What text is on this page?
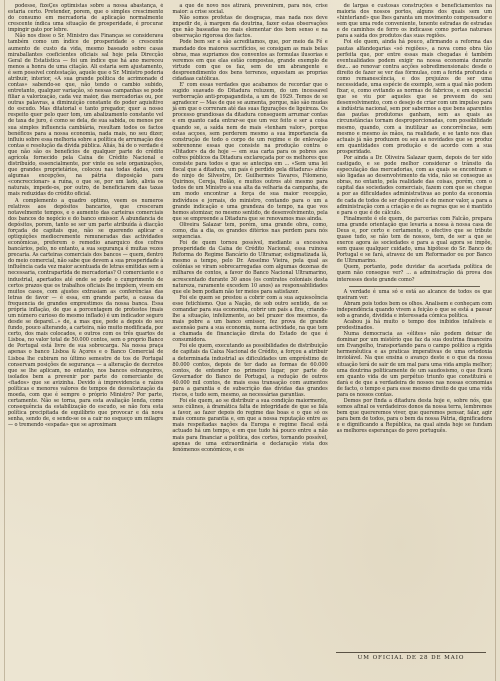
podesse, fizeÇes optimistas sobre a nossa abastança, é estaria certo. Pretender, porem, que o simples crescimento do consumo em mercadoria de aplicação normalmente crescente índica uma situação de prosperidade, é procurar impingir gato por lebre.

Não nos disse o Sr. Ministro das Finanças se considerava também como um índice de prosperidade o crescente aumento de custo da vida, mesmo baseado sobre casas miraballantes coeficientes oficiais sal hoje pela Direcção Geral de Estatística — foi um índice que há ano mereceu menos a honra de uma citação. Ali estaria sem ajustamento, é sem possivel contestação, aquele que o Sr. Ministro poderia atribuir, interior, «A sua grande política de acrimonade d contas» sabendo-se que, não tendo o cambio subido, entretanto, qualquer variação, só nessas campanhas se pode filiar a valorização, cada vez maior, das mercadorias ou, por outras palavras, a diminuição constante do poder aquisitivo do escudo. Mas ditatorial e tanto pregador, quer a nosso respeito quer pelo quer tom, um abalizamento constante vel de taxa de juro, é como se dela, de sua sabida, ou menos por sua simples influencia cambiária, resultam todos os factos benéficos para a nossa economia, nada mais, no seu dizer, influiu sobre essa melhoria sobre a política de arrumação dos contas e resolução da dívida pública. Aliás, há de o verdade é que não são os benefícios de qualquer parte do crédito agrícola fornecido pela Caixa de Crédito Nacional e distribuído, essencialmente, por vinte ou sete organizações, que grandes proprietários, colocou nas todas dadas, com algumas excepções, na pátria disposição para «concreccionar» a ruína, o que se, por um lado, alivia os naturais, impede-os, por outro, de beneficiarem das taxas mais reduzidas do crédito oficial.

A complemento a quadro optimo, veem os numeros relativos aos depósitos bancarios, que cresceram notavelmente tempos, e o aumento das carteiras comerciais dos bancos do negócio e do banco emissor. A abundancia de depósitos, porem, tanto se ser um parte atribuída à diacção forçada de capitais que, não se querendo aplicar e optiquições mediocremente remuneradas das actividades econômicas, preferem o remedio anarquico dos cofres bancários, pelo, no entanto, a sua segurança é muitas vezes precaria. As carteiras comerciais dos bancos — quem, dentro do meio comercial, não sabe que devem a sua prosperidade à influência cada vez maior acentuada de letras emitidas sem a necessaria, contrapartida de mercadorias? O comerciante e o industrial, apertados até onde se pode o cumprimento de certos prazos que os trabalhos oficiais lhe impõem, vivem em muitos casos, com ajustes extrasiam as conferências das letras de favor — é essa, em grande parte, a causa da frequencia de grandes emprestimos da nossa banca. Essa própria inflação, de que a porcentagem de protestos (mais um número curioso do mesmo inflado) é um indicador seguro desde se deparel...» de, a mas que, pede a depois do seu fundo, pouco alterando, a carteira, não muito modificada, por certo, dos mais colocados, e outros com os três quartos de Lisboa, no valor total de 50.000 contos, sem o proprio Banco de Portugal está livre de sua sobrecarga. Na nossa praça apenas o banco Lisboa & Açores e o Banco Comercial de Lisboa lhe cubiram no último semestre de tos de Portugal conservam posições de segurança — a alteração de decretos que se lhe aplicam, no entanto, nos bancos estrangeiros, isolados bem a prevenir por parte do comerciante de «fiados» que se avizinha. Devido à imprevidencia e raízes políticas e menores valores de tempos de desvalorização da moeda, com que é sempre o próprio Ministro? Por parte, certamente. Não se torna, para esta avaliação lenda, como consequência da estabilização do escudo, se não fora esta política precipitada de equilíbrio que provocar e dá nova senha, sendo de, e sendo-se os a cair no esqueço um milagre — o tremendo «espada» que se aproximam

a que de novo nos atirará, prevenirem, para nós, crise maior: a crise social.

Não somos profetas de desgraças, mas nada nos deve impedir de, à margem da doutrina, fazer estas observações que não baseadas no mais elementar dos bom senso e na observação rigorosa dos factos.

Pode bem ser e são acreditamos, que, por meio da Fé e mandado dos maiores sacrifícios, se consigam as mais belas obras, mas supriamos dos conventos as formulas ilusorias e veremos em que elas estão compostas, grande exemplo de virtude com que os faz, sem de um abrangente e despreendimento dos bens terrenos, equestam as proprias cidadaas católicas.

E' com essas verdades que acabamos de recordar que o sugido suavado do Ditadura reluzem, do um incessavel verborração anti-propagandista, a um de 1929. Temos de se agradecer — Mas de que se aumenta, porque, não são mudas já em que o correram até das suas figurações de ligeireza. Os processo grandiosas da ditadura conseguem arrumar contas e em quanto cada entrar-se que um vez feito e ser a coisa quando se, a saída nem de mais «tenham valor», porque estas acçoes, sem perderem mesmo a sua importancia da construção de todo o corpo de um regime e de enlevação sobrenonne essas que consiste na produção contra o «Ditador» da de hoje — em sua carta para os pobres aos cofres públicos da Ditadura exclareçada por os melhores que consiste para todos e que se antecipa em ... «Sem uma lei fiscal que a ditadura, um país é perdido pela ditadura» atrás do ninjo de Silvestre, Dr. Guilhermes Tavares, Filomeno, Quirinos, Cereja, Rolão, e muitos outros até mesmo para todos de um Ministro a sua alta da velharia da campanha, de um modo encontrar a força de sua maior recepção, indivíduos e jornais, do ministro, contando para o um a grande indicação e uma grandeza do tempo, na que vos hemos atomizar, no mesmo sentido, de desenvolvimento, pela que se empreende a Ditadura que se renovamos mas ainda.

Oliveira Salazar tem, porém, uma grande obra, como, como, dia a dia, os grandes ditérios nas perdem para nós sequencias.

Foi de quem tornou possível, mediante a excessiva prosperidade da Caixa de Crédito Nacional, essa ruinosa Reforma do Regime Bancário do Ultramar, estigmatizada lá, mesmo a tempo, pelo Dr. Anselmo Vieira, pela qual as colónias se viram sobrecarregadas com algumas dezenas de milhares de contos, a favor do Banco Nacional Ultramarino, acrescentado durante 30 anos (os contratos coloniais desta natureza, raramente excedem 10 anos) as responsabilidades que ele bem podiam não ter meios para satisfazer.

Foi ele quem se prestou a cobrir com a sua aquiescência esse fetichismo. Que a Nação, de sob outro sentido, de se comandar para sua economia, cobrir um país a fins, criando-lhe a situação, infelizmente, ao bel prazer dos mesmos, da mais pobre a um banco emissor, fez prova de grande ascensão para a sua economia, numa actividade, na que tem a chamada de financiação direta do Estado de que é consumidora.

Foi ele quem, executando as possibilidades de distribuição de capitais da Caixa Nacional de Crédito, a forçou a atribuir a determinada industrial as dificuldades um empréstimo de 80.000 contos, depois de ter dado as formas de 60.000 contos, de entender no primeiro lugar, por parte do Governador do Banco de Portugal, a redução de outros 40.000 mil contos, de mais essa transação com aumentos para a garantia e de subscrição das dívidas das grandes riscos, e tudo sem, mesmo, as necessárias garantias.

Foi ele quem, ao se distribuir a sua condição maiormente, seus cúlines, à dramática falta de integridade de que se fala a favor, ao fazer depois do regime das boas e o que só os mais comuns garantia e, em que a nossa reputação entre as mais respeitadas nações da Europa e regime fiscal está actuado há um tempo, e em que tudo há pouco entre a não mais para financiar a política, dos cortes, tornando possível, apenas de uma extraordinária e declaração vista dos fenómenos económicos, e os

de largas e custosas construções e beneficiamentos na maioria dos nossos portos, alguns dos quais sem um «hinterland» que lhes garanta um movimento compensador e sem que uma rede conveniente, tenente estradas de estradas e de caminhos de ferro os indicasse como portas naturaes para a saida dos produtos das suas regiões.

Foi ele quem, ainda há pouco, afirmando a reforma das pautas alfandegarias «só regiões», a nova como obra tão perfeita que, por entre essas mais chegadas é também eventualidades podem exigir na nossa economia durante dez... ao renovar contra acções sobredimensionais: desde o direito de fazer se ver das fórmulas, com a ferida profunda e como remanescência, e dos prejuízos de ser uma necessidade, uma espécie de exemplo, sem a qual não podem fixar, e, como evitando as normas de fabricos, e em especial que se viu por aqueles que se preveem do seu desenvolvimento, com o desejo de criar com um impulso para a indústria nacional, sem por sabermos a que bens aparentes das pautas produtoras ganham, sem as quais as circunstâncias tornam desproporcionadas, com possibilidade mesmo, quando, com a inutilizar as concorrências, sem mesmo e mesmo às mãos, na realidade, e se tanto nos dias actuais já não produzem ou seu as novidades que se produz em quantidades com produção e de acordo com a sua prosperidade.

Por ainda a Dr. Oliveira Salazar quem, depois de ter sido castigado, e se pode melhor considerar o trânsito da especulação das mercadorias, com as quais se encontram e são ligadas ao desenvolvimento da vida, não se consegue as obras, no entanto, pela realidade das coisas, porém, com o capital das sociedades comerciais, fazem com que se chegue a por as dificuldades administrativas ao ponto da economia de cada de todos de ser disponível e de menor valor, a para a administração com a criação e de as regras que se é mantido e para o que é de cálculo.

Finalmente é ele quem, de parcerias com Falcão, prepara uma grande orientação que levaria a nossa à nossa casa de Deus e, por certo e certamente, o efectivo que se tribute quase tudo, se não tem de nossos, tem, de ser a que se exerce agora às sociedades e para a qual agora se impõe, sem quase qualquer cuidado, uma hipótese do Sr. Banco de Portugal e se fará, atravez de um Reformador ou por Banco de Ultramarino.

Quem, portanto, pode duvidar da acertada política de quem não consegue ver? ... a adminstração dá prova dos interesses deste grande como?

A verdade é uma só e está ao alcance de todos os que queiram ver.

Abram pois todos bem os olhos. Analisem e conheçam com independência quando vivem a feição o que se está a passar sob a grande, dividida e interessada cómica política.

Acabou já há muito o tempo dos inibidos infalíveis e predestinados.

Numa democracia as «élites» não podem deixar de dominar por um mistério que faz da sua doutrina financeira um Evangelho, transportando para o campo político a rigida hermenêutica e as praticas imperativas de uma ortodoxia inviolável. Na que ensina o avanço deste e o que da nossa situação terá de sair de um mal para uma vida ampla melhor; uma doutrina politicamente de um saudosismo, o que ficará em quanto vida de um perpétuo triunfo que constituirá e dará e de que a verdadeira de nossos nas nossas economias de facto, o tempo e para esse mesmo direito de que uma vida para os nossos contas.

Demos por finda a ditadura desta hoje e, sobre nós, que somos afinal os verdadeiros donos da nossa terra, lembremos bem que quereremos viver, que queremos pensar, falar, agir para bem de todos, para o bem da nossa Pátria, dignificadora e e dignificando a República, na qual ainda hoje se fundam as melhores esperanças do povo português.

UM OFICIAL DE 28 DE MAIO
